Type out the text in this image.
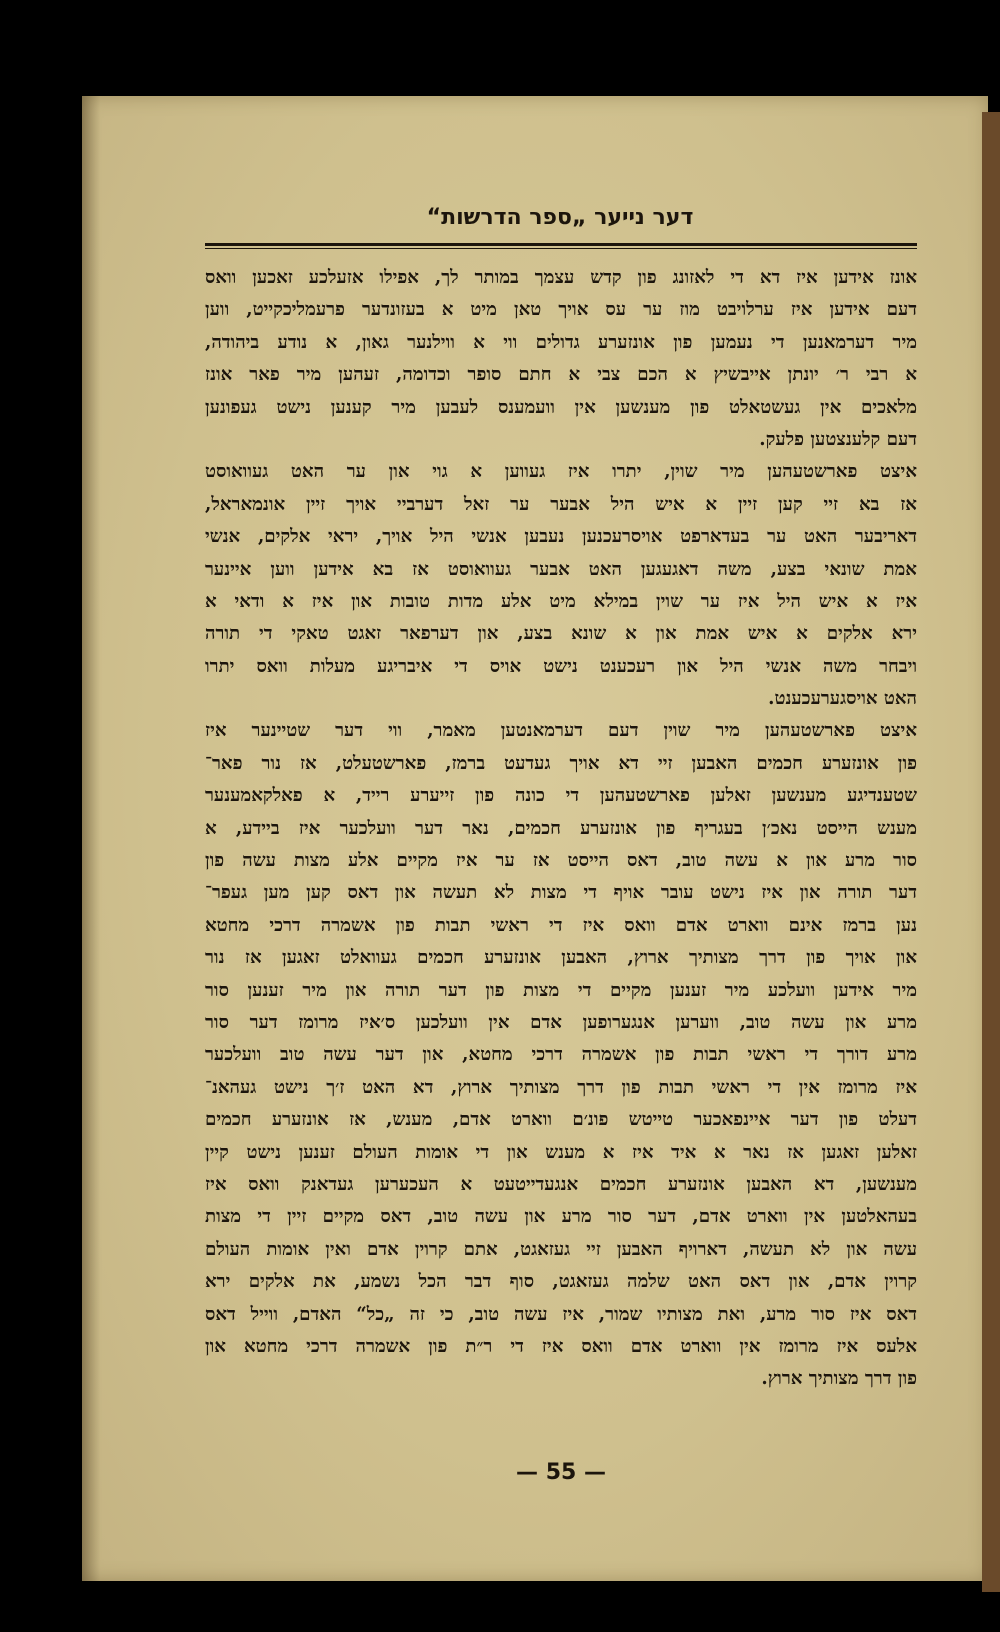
דער נייער „ספר הדרשות“
אונז אידען איז דא די לאזונג פון קדש עצמך במותר לך, אפילו אזעלכע זאכען וואס
דעם אידען איז ערלויבט מוז ער עס אויך טאן מיט א בעזונדער פרעמליכקייט, ווען
מיר דערמאנען די נעמען פון אונזערע גדולים ווי א ווילנער גאון, א נודע ביהודה,
א רבי ר׳ יונתן אייבשיץ א הכם צבי א חתם סופר וכדומה, זעהען מיר פאר אונז
מלאכים אין געשטאלט פון מענשען אין וועמענס לעבען מיר קענען נישט געפונען
דעם קלענצטען פלעק.
איצט פארשטעהען מיר שוין, יתרו איז געווען א גוי און ער האט געוואוסט
אז בא זיי קען זיין א איש היל אבער ער זאל דערביי אויך זיין אונמאראל,
דאריבער האט ער בעדארפט אויסרעכנען נעבען אנשי היל אויך, יראי אלקים, אנשי
אמת שונאי בצע, משה דאגעגען האט אבער געוואוסט אז בא אידען ווען איינער
איז א איש היל איז ער שוין במילא מיט אלע מדות טובות און איז א ודאי א
ירא אלקים א איש אמת און א שונא בצע, און דערפאר זאגט טאקי די תורה
ויבחר משה אנשי היל און רעכענט נישט אויס די איבריגע מעלות וואס יתרו
האט אויסגערעכענט.
איצט פארשטעהען מיר שוין דעם דערמאנטען מאמר, ווי דער שטיינער איז
פון אונזערע חכמים האבען זיי דא אויך געדעט ברמז, פארשטעלט, אז נור פאר־
שטענדיגע מענשען זאלען פארשטעהען די כונה פון זייערע רייד, א פאלקאמענער
מענש הייסט נאכ׳ן בעגריף פון אונזערע חכמים, נאר דער וועלכער איז ביידע, א
סור מרע און א עשה טוב, דאס הייסט אז ער איז מקיים אלע מצות עשה פון
דער תורה און איז נישט עובר אויף די מצות לא תעשה און דאס קען מען געפר־
נען ברמז אינם ווארט אדם וואס איז די ראשי תבות פון אשמרה דרכי מחטא
און אויך פון דרך מצותיך ארוץ, האבען אונזערע חכמים געוואלט זאגען אז נור
מיר אידען וועלכע מיר זענען מקיים די מצות פון דער תורה און מיר זענען סור
מרע און עשה טוב, ווערען אנגערופען אדם אין וועלכען ס׳איז מרומז דער סור
מרע דורך די ראשי תבות פון אשמרה דרכי מחטא, און דער עשה טוב וועלכער
איז מרומז אין די ראשי תבות פון דרך מצותיך ארוץ, דא האט ז׳ך נישט געהאנ־
דעלט פון דער איינפאכער טייטש פונ׳ם ווארט אדם, מענש, אז אונזערע חכמים
זאלען זאגען אז נאר א איד איז א מענש און די אומות העולם זענען נישט קיין
מענשען, דא האבען אונזערע חכמים אנגעדייטעט א העכערען געדאנק וואס איז
בעהאלטען אין ווארט אדם, דער סור מרע און עשה טוב, דאס מקיים זיין די מצות
עשה און לא תעשה, דארויף האבען זיי געזאגט, אתם קרוין אדם ואין אומות העולם
קרוין אדם, און דאס האט שלמה געזאגט, סוף דבר הכל נשמע, את אלקים ירא
דאס איז סור מרע, ואת מצותיו שמור, איז עשה טוב, כי זה „כל“ האדם, ווייל דאס
אלעס איז מרומז אין ווארט אדם וואס איז די ר״ת פון אשמרה דרכי מחטא און
פון דרך מצותיך ארוץ.
— 55 —
